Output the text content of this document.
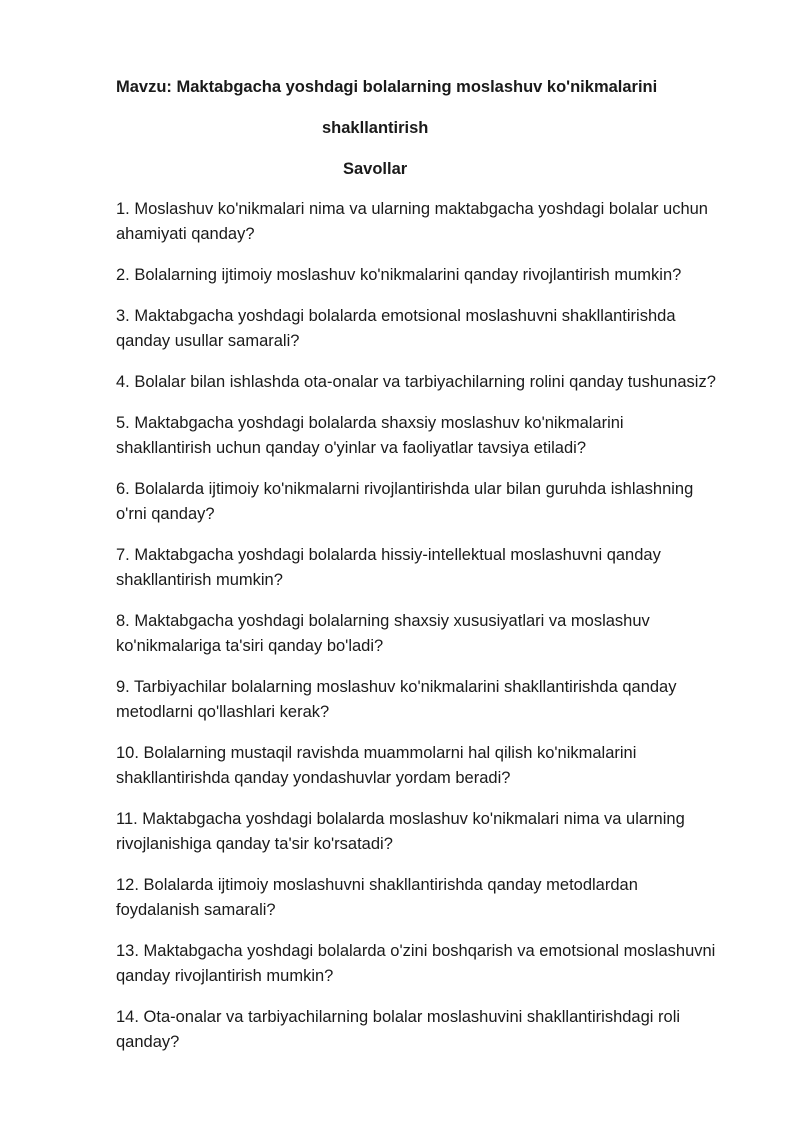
Mavzu: Maktabgacha yoshdagi bolalarning moslashuv ko'nikmalarini
shakllantirish
Savollar
1. Moslashuv ko'nikmalari nima va ularning maktabgacha yoshdagi bolalar uchun
ahamiyati qanday?
2. Bolalarning ijtimoiy moslashuv ko'nikmalarini qanday rivojlantirish mumkin?
3. Maktabgacha yoshdagi bolalarda emotsional moslashuvni shakllantirishda
qanday usullar samarali?
4. Bolalar bilan ishlashda ota-onalar va tarbiyachilarning rolini qanday tushunasiz?
5. Maktabgacha yoshdagi bolalarda shaxsiy moslashuv ko'nikmalarini
shakllantirish uchun qanday o'yinlar va faoliyatlar tavsiya etiladi?
6. Bolalarda ijtimoiy ko'nikmalarni rivojlantirishda ular bilan guruhda ishlashning
o'rni qanday?
7. Maktabgacha yoshdagi bolalarda hissiy-intellektual moslashuvni qanday
shakllantirish mumkin?
8. Maktabgacha yoshdagi bolalarning shaxsiy xususiyatlari va moslashuv
ko'nikmalariga ta'siri qanday bo'ladi?
9. Tarbiyachilar bolalarning moslashuv ko'nikmalarini shakllantirishda qanday
metodlarni qo'llashlari kerak?
10. Bolalarning mustaqil ravishda muammolarni hal qilish ko'nikmalarini
shakllantirishda qanday yondashuvlar yordam beradi?
11. Maktabgacha yoshdagi bolalarda moslashuv ko'nikmalari nima va ularning
rivojlanishiga qanday ta'sir ko'rsatadi?
12. Bolalarda ijtimoiy moslashuvni shakllantirishda qanday metodlardan
foydalanish samarali?
13. Maktabgacha yoshdagi bolalarda o'zini boshqarish va emotsional moslashuvni
qanday rivojlantirish mumkin?
14. Ota-onalar va tarbiyachilarning bolalar moslashuvini shakllantirishdagi roli
qanday?
